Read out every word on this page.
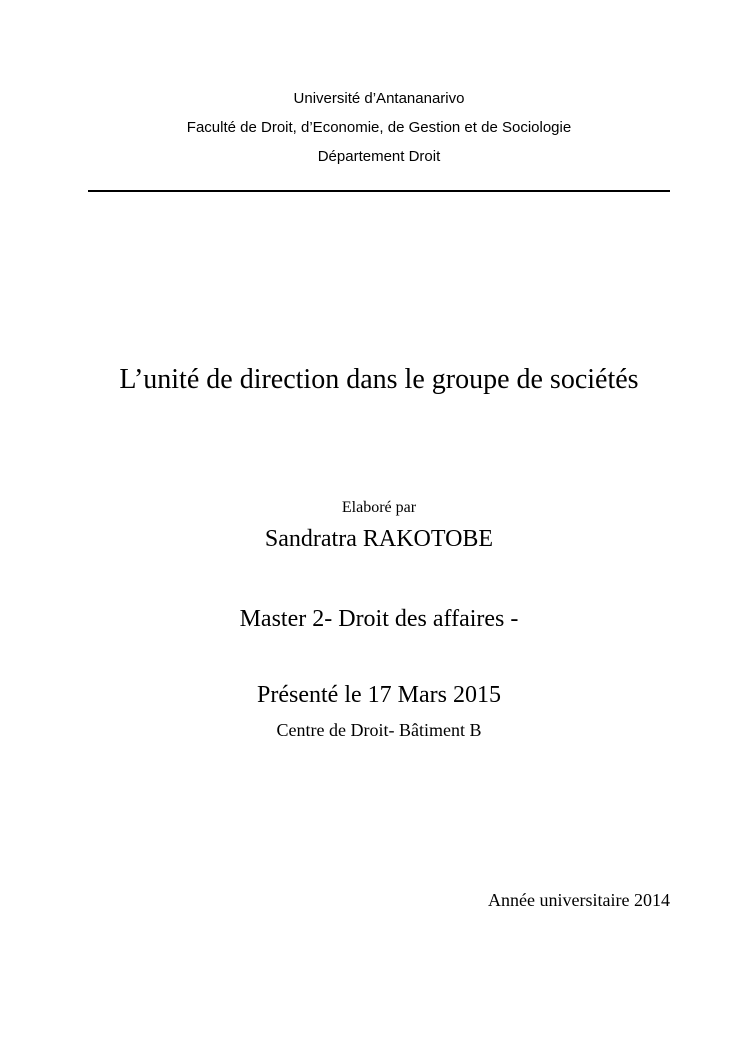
Université d’Antananarivo
Faculté de Droit, d’Economie, de Gestion et de Sociologie
Département Droit
L’unité de direction dans le groupe de sociétés
Elaboré par
Sandratra RAKOTOBE
Master 2- Droit des affaires -
Présenté le 17 Mars 2015
Centre de Droit- Bâtiment B
Année universitaire 2014
